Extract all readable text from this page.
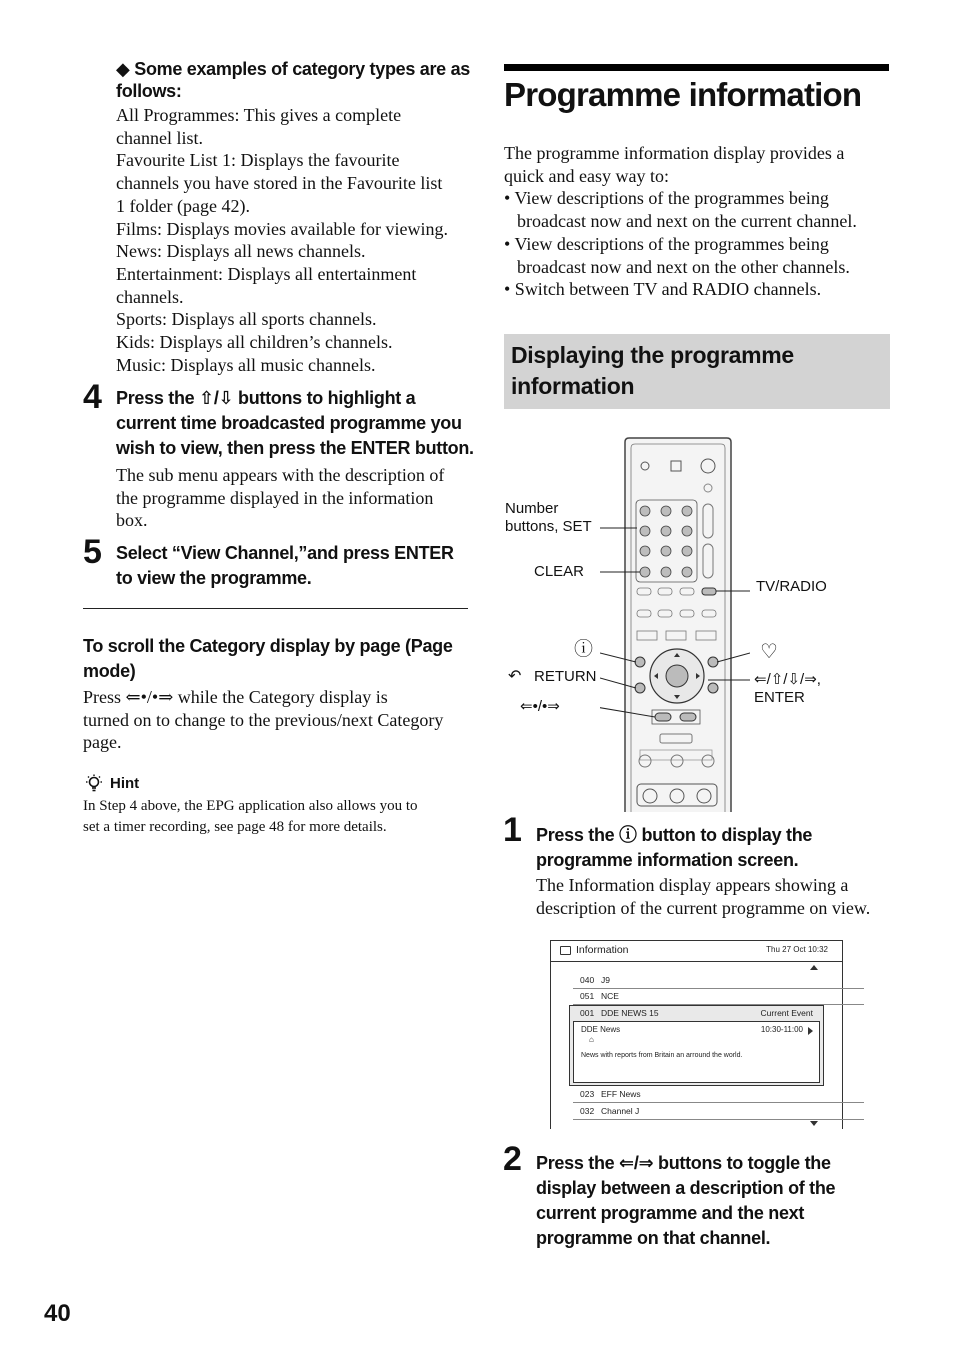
◆ Some examples of category types are as follows:
All Programmes: This gives a complete
channel list.
Favourite List 1: Displays the favourite
channels you have stored in the Favourite list
1 folder (page 42).
Films: Displays movies available for viewing.
News: Displays all news channels.
Entertainment: Displays all entertainment
channels.
Sports: Displays all sports channels.
Kids: Displays all children’s channels.
Music: Displays all music channels.
4 Press the ⇧/⇩ buttons to highlight a
current time broadcasted programme you
wish to view, then press the ENTER button.
The sub menu appears with the description of
the programme displayed in the information
box.
5 Select “View Channel,”and press ENTER
to view the programme.
To scroll the Category display by page (Page
mode)
Press ⇐•/•⇒ while the Category display is
turned on to change to the previous/next Category
page.
Hint
In Step 4 above, the EPG application also allows you to
set a timer recording, see page 48 for more details.
40
Programme information
The programme information display provides a
quick and easy way to:
• View descriptions of the programmes being
broadcast now and next on the current channel.
• View descriptions of the programmes being
broadcast now and next on the other channels.
• Switch between TV and RADIO channels.
Displaying the programme
information
Number
buttons, SET
CLEAR
TV/RADIO
ⓘ	♡
↶ RETURN
⇐•/•⇒
⇐/⇧/⇩/⇒,
ENTER
1 Press the ⓘ button to display the
programme information screen.
The Information display appears showing a
description of the current programme on view.
Information	Thu 27 Oct 10:32
040 J9
051 NCE
001 DDE NEWS 15	Current Event
DDE News	10:30-11:00
⌂
News with reports from Britain an arround the world.
023 EFF News
032 Channel J
2 Press the ⇐/⇒ buttons to toggle the
display between a description of the
current programme and the next
programme on that channel.
